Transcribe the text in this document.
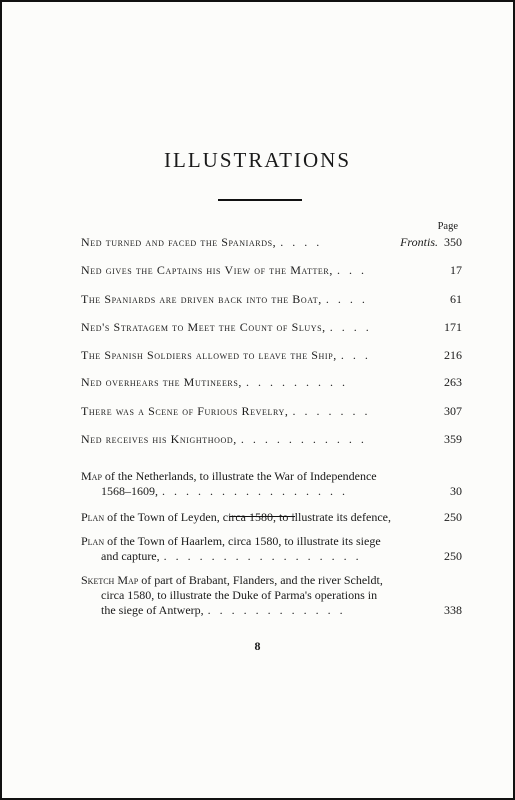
ILLUSTRATIONS
Page
Ned turned and faced the Spaniards, . . . .	Frontis. 350
Ned gives the Captains his View of the Matter, . . .	17
The Spaniards are driven back into the Boat, . . . .	61
Ned's Stratagem to Meet the Count of Sluys, . . . .	171
The Spanish Soldiers allowed to leave the Ship, . . .	216
Ned overhears the Mutineers, . . . . . . . . .	263
There was a Scene of Furious Revelry, . . . . . . .	307
Ned receives his Knighthood, . . . . . . . . . . .	359
Map of the Netherlands, to illustrate the War of Independence
1568–1609, . . . . . . . . . . . . . . . .	30
Plan of the Town of Leyden, circa 1580, to illustrate its defence,	250
Plan of the Town of Haarlem, circa 1580, to illustrate its siege
and capture, . . . . . . . . . . . . . . . . .	250
Sketch Map of part of Brabant, Flanders, and the river Scheldt,
circa 1580, to illustrate the Duke of Parma's operations in
the siege of Antwerp, . . . . . . . . . . . .	338
8
